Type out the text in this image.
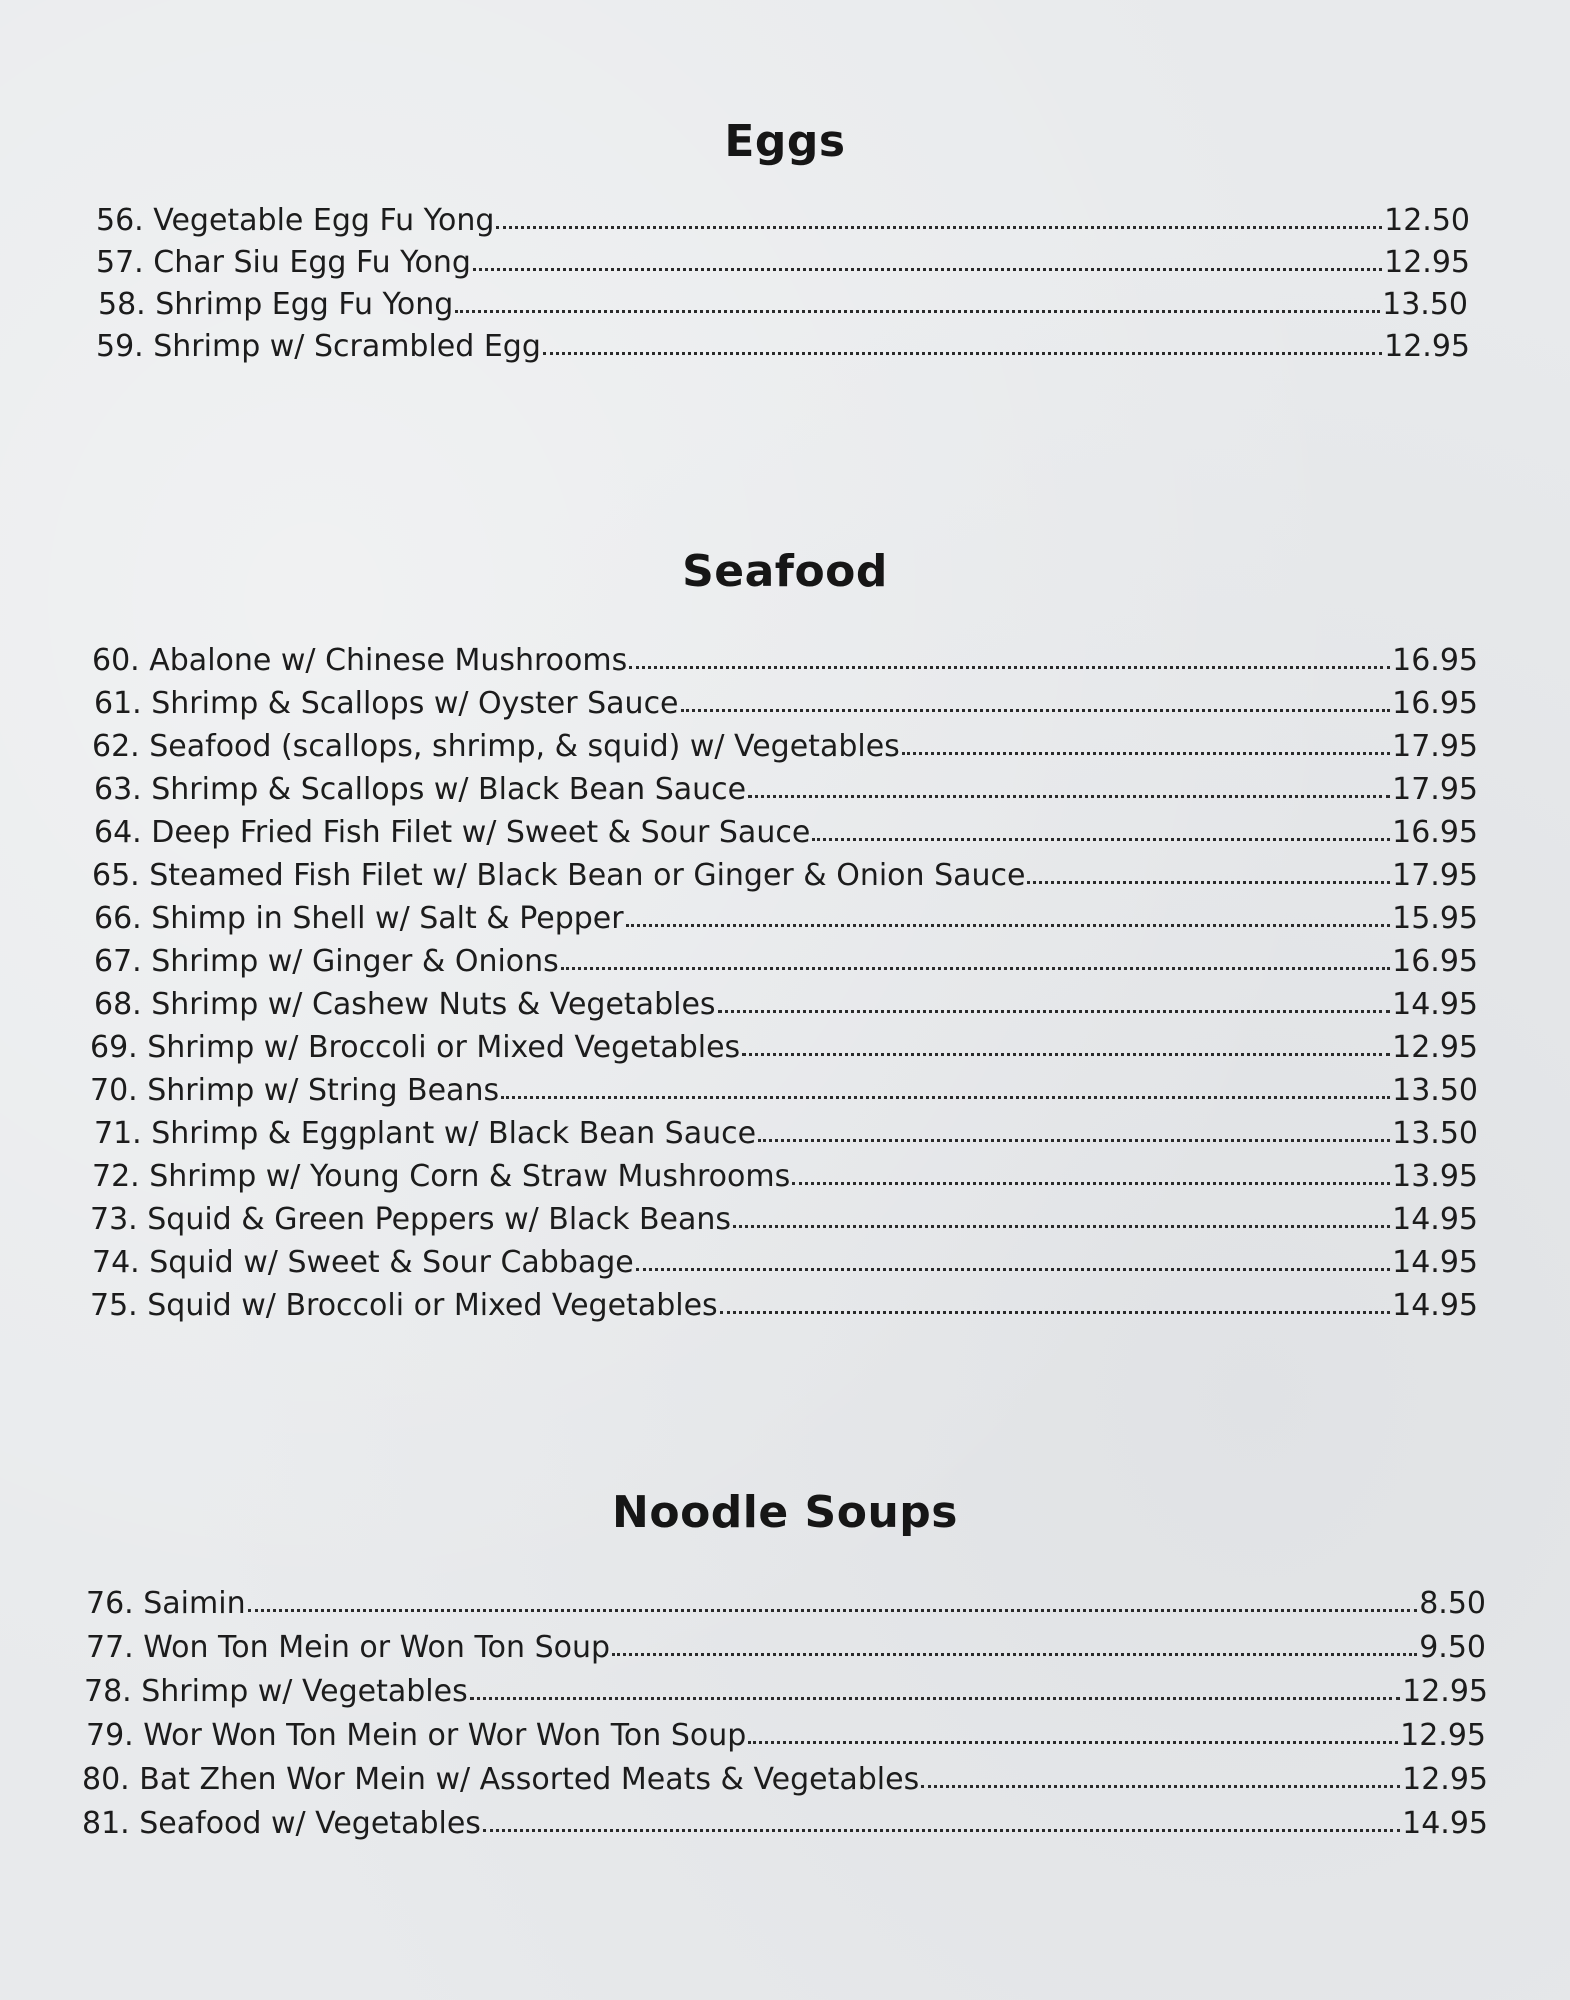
Eggs
56. Vegetable Egg Fu Yong	12.50
57. Char Siu Egg Fu Yong	12.95
58. Shrimp Egg Fu Yong	13.50
59. Shrimp w/ Scrambled Egg	12.95
Seafood
60. Abalone w/ Chinese Mushrooms	16.95
61. Shrimp & Scallops w/ Oyster Sauce	16.95
62. Seafood (scallops, shrimp, & squid) w/ Vegetables	17.95
63. Shrimp & Scallops w/ Black Bean Sauce	17.95
64. Deep Fried Fish Filet w/ Sweet & Sour Sauce	16.95
65. Steamed Fish Filet w/ Black Bean or Ginger & Onion Sauce	17.95
66. Shimp in Shell w/ Salt & Pepper	15.95
67. Shrimp w/ Ginger & Onions	16.95
68. Shrimp w/ Cashew Nuts & Vegetables	14.95
69. Shrimp w/ Broccoli or Mixed Vegetables	12.95
70. Shrimp w/ String Beans	13.50
71. Shrimp & Eggplant w/ Black Bean Sauce	13.50
72. Shrimp w/ Young Corn & Straw Mushrooms	13.95
73. Squid & Green Peppers w/ Black Beans	14.95
74. Squid w/ Sweet & Sour Cabbage	14.95
75. Squid w/ Broccoli or Mixed Vegetables	14.95
Noodle Soups
76. Saimin	8.50
77. Won Ton Mein or Won Ton Soup	9.50
78. Shrimp w/ Vegetables	12.95
79. Wor Won Ton Mein or Wor Won Ton Soup	12.95
80. Bat Zhen Wor Mein w/ Assorted Meats & Vegetables	12.95
81. Seafood w/ Vegetables	14.95
